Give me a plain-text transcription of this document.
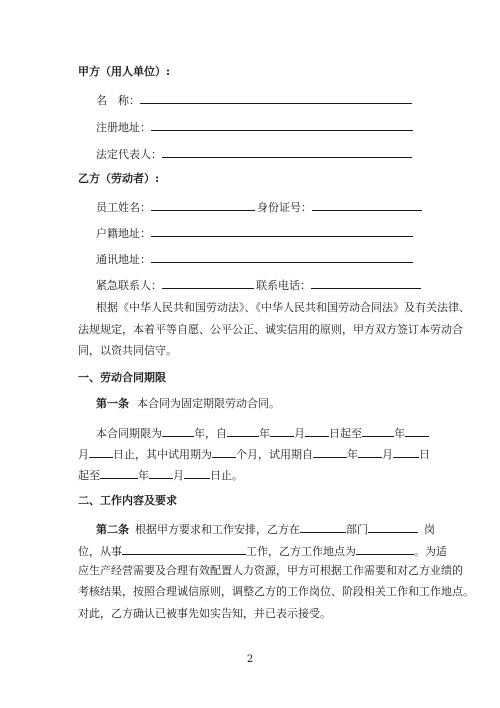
甲方（用人单位）:
名　称：
注册地址：
法定代表人：
乙方（劳动者）:
员工姓名：	身份证号：
户籍地址：
通讯地址：
紧急联系人：	联系电话：
根据《中华人民共和国劳动法》、《中华人民共和国劳动合同法》及有关法律、
法规规定，本着平等自愿、公平公正、诚实信用的原则，甲方双方签订本劳动合
同，以资共同信守。
一、劳动合同期限
第一条 本合同为固定期限劳动合同。
本合同期限为	年，自	年 月 日起至	年
月 日止，其中试用期为 个月，试用期自	年 月 日
起至	年 月 日止。
二、工作内容及要求
第二条 根据甲方要求和工作安排，乙方在	部门	岗
位，从事	工作，乙方工作地点为	。为适
应生产经营需要及合理有效配置人力资源，甲方可根据工作需要和对乙方业绩的
考核结果，按照合理诚信原则，调整乙方的工作岗位、阶段相关工作和工作地点。
对此，乙方确认已被事先如实告知，并已表示接受。
2
